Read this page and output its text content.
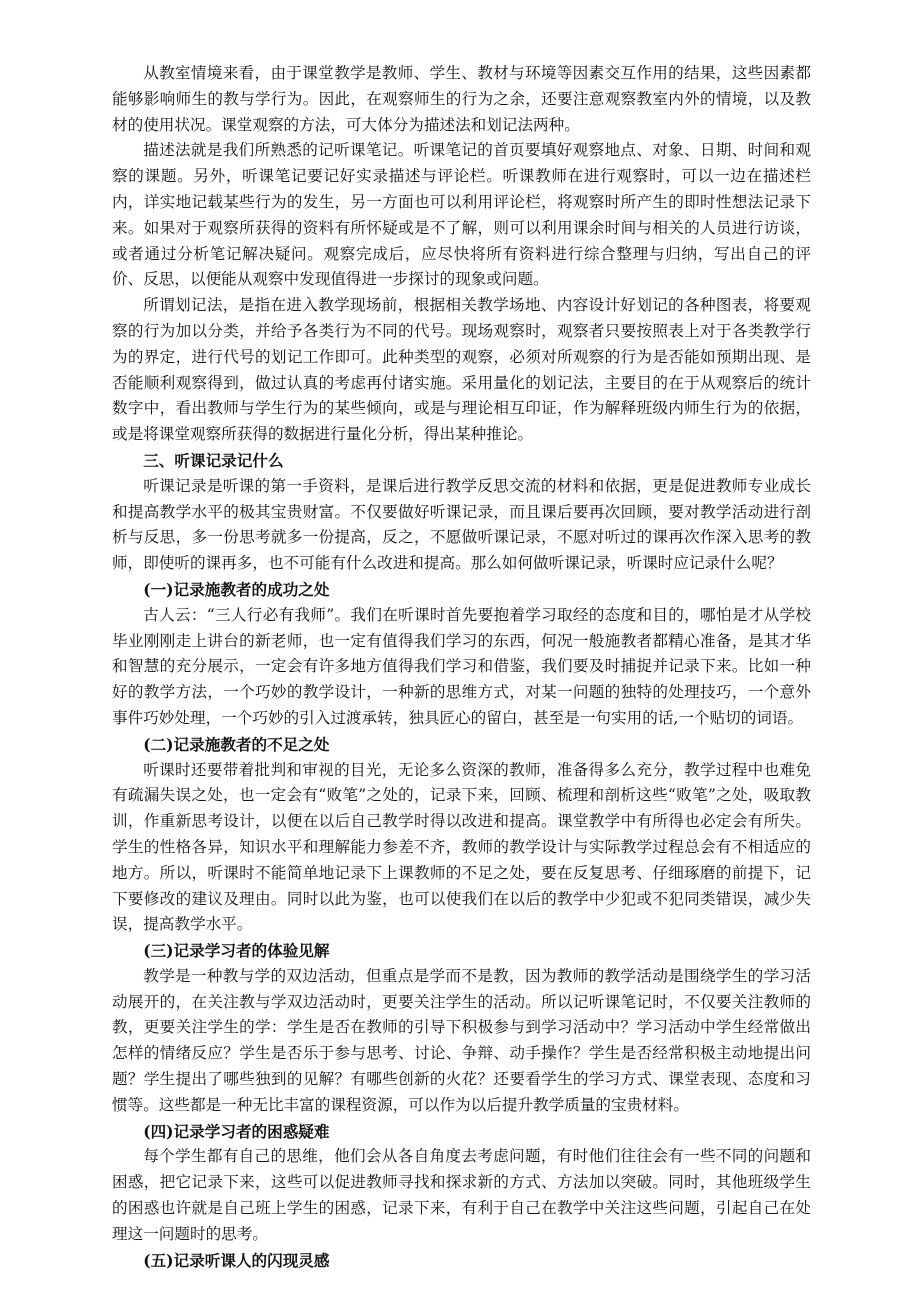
从教室情境来看，由于课堂教学是教师、学生、教材与环境等因素交互作用的结果，这些因素都能够影响师生的教与学行为。因此，在观察师生的行为之余，还要注意观察教室内外的情境，以及教材的使用状况。课堂观察的方法，可大体分为描述法和划记法两种。

描述法就是我们所熟悉的记听课笔记。听课笔记的首页要填好观察地点、对象、日期、时间和观察的课题。另外，听课笔记要记好实录描述与评论栏。听课教师在进行观察时，可以一边在描述栏内，详实地记载某些行为的发生，另一方面也可以利用评论栏，将观察时所产生的即时性想法记录下来。如果对于观察所获得的资料有所怀疑或是不了解，则可以利用课余时间与相关的人员进行访谈，或者通过分析笔记解决疑问。观察完成后，应尽快将所有资料进行综合整理与归纳，写出自己的评价、反思，以便能从观察中发现值得进一步探讨的现象或问题。

所谓划记法，是指在进入教学现场前，根据相关教学场地、内容设计好划记的各种图表，将要观察的行为加以分类，并给予各类行为不同的代号。现场观察时，观察者只要按照表上对于各类教学行为的界定，进行代号的划记工作即可。此种类型的观察，必须对所观察的行为是否能如预期出现、是否能顺利观察得到，做过认真的考虑再付诸实施。采用量化的划记法，主要目的在于从观察后的统计数字中，看出教师与学生行为的某些倾向，或是与理论相互印证，作为解释班级内师生行为的依据，或是将课堂观察所获得的数据进行量化分析，得出某种推论。

三、听课记录记什么

听课记录是听课的第一手资料，是课后进行教学反思交流的材料和依据，更是促进教师专业成长和提高教学水平的极其宝贵财富。不仅要做好听课记录，而且课后要再次回顾，要对教学活动进行剖析与反思，多一份思考就多一份提高，反之，不愿做听课记录，不愿对听过的课再次作深入思考的教师，即使听的课再多，也不可能有什么改进和提高。那么如何做听课记录，听课时应记录什么呢？

(一)记录施教者的成功之处

古人云：“三人行必有我师”。我们在听课时首先要抱着学习取经的态度和目的，哪怕是才从学校毕业刚刚走上讲台的新老师，也一定有值得我们学习的东西，何况一般施教者都精心准备，是其才华和智慧的充分展示，一定会有许多地方值得我们学习和借鉴，我们要及时捕捉并记录下来。比如一种好的教学方法，一个巧妙的教学设计，一种新的思维方式，对某一问题的独特的处理技巧，一个意外事件巧妙处理，一个巧妙的引入过渡承转，独具匠心的留白，甚至是一句实用的话,一个贴切的词语。

(二)记录施教者的不足之处

听课时还要带着批判和审视的目光，无论多么资深的教师，准备得多么充分，教学过程中也难免有疏漏失误之处，也一定会有“败笔”之处的，记录下来，回顾、梳理和剖析这些“败笔”之处，吸取教训，作重新思考设计，以便在以后自己教学时得以改进和提高。课堂教学中有所得也必定会有所失。学生的性格各异，知识水平和理解能力参差不齐，教师的教学设计与实际教学过程总会有不相适应的地方。所以，听课时不能简单地记录下上课教师的不足之处，要在反复思考、仔细琢磨的前提下，记下要修改的建议及理由。同时以此为鉴，也可以使我们在以后的教学中少犯或不犯同类错误，减少失误，提高教学水平。

(三)记录学习者的体验见解

教学是一种教与学的双边活动，但重点是学而不是教，因为教师的教学活动是围绕学生的学习活动展开的，在关注教与学双边活动时，更要关注学生的活动。所以记听课笔记时，不仅要关注教师的教，更要关注学生的学：学生是否在教师的引导下积极参与到学习活动中？学习活动中学生经常做出怎样的情绪反应？学生是否乐于参与思考、讨论、争辩、动手操作？学生是否经常积极主动地提出问题？学生提出了哪些独到的见解？有哪些创新的火花？还要看学生的学习方式、课堂表现、态度和习惯等。这些都是一种无比丰富的课程资源，可以作为以后提升教学质量的宝贵材料。

(四)记录学习者的困惑疑难

每个学生都有自己的思维，他们会从各自角度去考虑问题，有时他们往往会有一些不同的问题和困惑，把它记录下来，这些可以促进教师寻找和探求新的方式、方法加以突破。同时，其他班级学生的困惑也许就是自己班上学生的困惑，记录下来，有利于自己在教学中关注这些问题，引起自己在处理这一问题时的思考。

(五)记录听课人的闪现灵感
